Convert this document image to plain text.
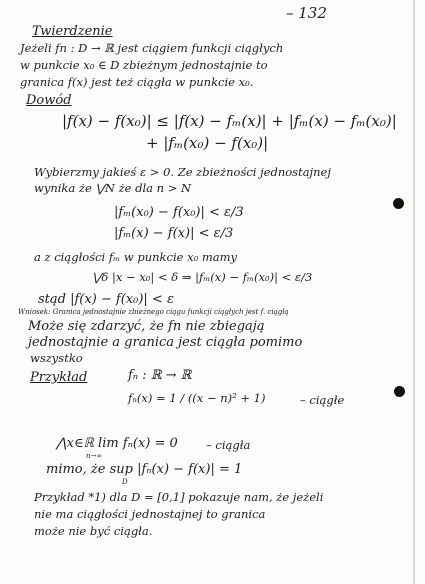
– 132
Twierdzenie
Jeżeli fn : D → ℝ jest ciągiem funkcji ciągłych
w punkcie x₀ ∈ D zbieżnym jednostajnie to
granica f(x) jest też ciągła w punkcie x₀.
Dowód
|f(x) − f(x₀)| ≤ |f(x) − fₘ(x)| + |fₘ(x) − fₘ(x₀)|
+ |fₘ(x₀) − f(x₀)|
Wybierzmy jakieś ε > 0. Ze zbieżności jednostajnej
wynika że ⋁N że dla n > N
|fₘ(x₀) − f(x₀)| < ε/3
|fₘ(x) − f(x)| < ε/3
a z ciągłości fₘ w punkcie x₀ mamy
⋁δ |x − x₀| < δ ⇒ |fₘ(x) − fₘ(x₀)| < ε/3
stąd |f(x) − f(x₀)| < ε
Wniosek: Granica jednostajnie zbieżnego ciągu funkcji ciągłych jest f. ciągłą
Może się zdarzyć, że fn nie zbiegają
jednostajnie a granica jest ciągła pomimo
wszystko
Przykład	fₙ : ℝ → ℝ
fₙ(x) = 1 / ((x − n)² + 1)	– ciągłe
⋀x∈ℝ lim fₙ(x) = 0
n→∞
– ciągła
mimo, że sup |fₙ(x) − f(x)| = 1
D
Przykład *1) dla D = [0,1] pokazuje nam, że jeżeli
nie ma ciągłości jednostajnej to granica
może nie być ciągła.
